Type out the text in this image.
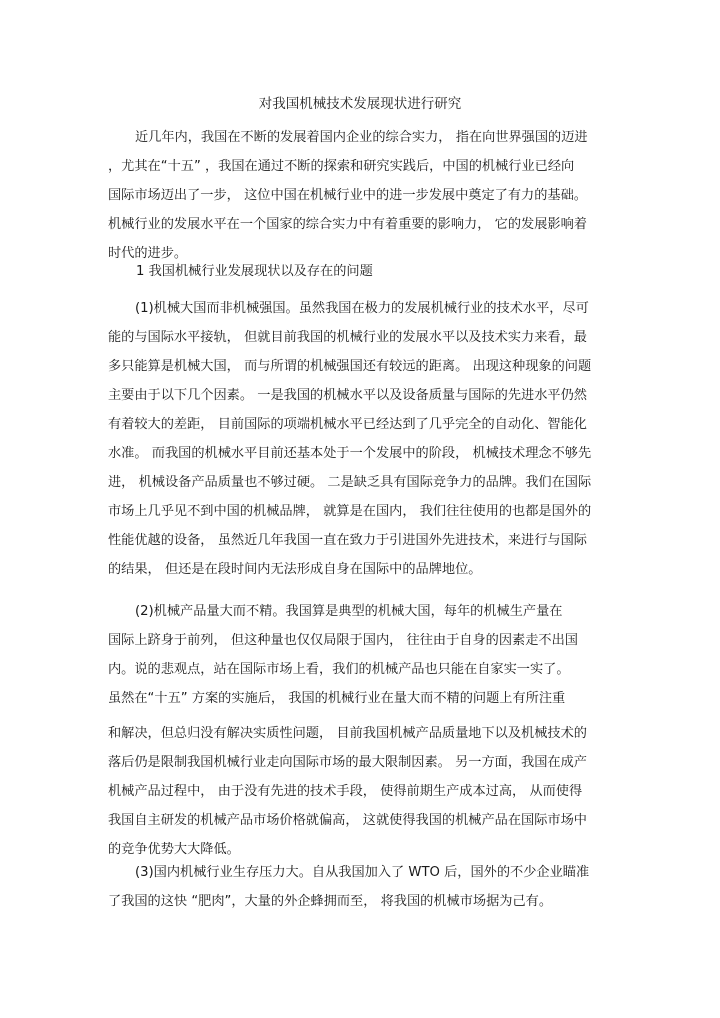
对我国机械技术发展现状进行研究
近几年内，我国在不断的发展着国内企业的综合实力， 指在向世界强国的迈进
，尤其在“十五” ，我国在通过不断的探索和研究实践后，中国的机械行业已经向
国际市场迈出了一步， 这位中国在机械行业中的进一步发展中奠定了有力的基础。
机械行业的发展水平在一个国家的综合实力中有着重要的影响力， 它的发展影响着
时代的进步。
1 我国机械行业发展现状以及存在的问题
(1)机械大国而非机械强国。虽然我国在极力的发展机械行业的技术水平，尽可
能的与国际水平接轨， 但就目前我国的机械行业的发展水平以及技术实力来看，最
多只能算是机械大国， 而与所谓的机械强国还有较远的距离。 出现这种现象的问题
主要由于以下几个因素。 一是我国的机械水平以及设备质量与国际的先进水平仍然
有着较大的差距， 目前国际的项端机械水平已经达到了几乎完全的自动化、智能化
水准。 而我国的机械水平目前还基本处于一个发展中的阶段， 机械技术理念不够先
进， 机械设备产品质量也不够过硬。 二是缺乏具有国际竞争力的品牌。我们在国际
市场上几乎见不到中国的机械品牌， 就算是在国内， 我们往往使用的也都是国外的
性能优越的设备， 虽然近几年我国一直在致力于引进国外先进技术，来进行与国际
的结果， 但还是在段时间内无法形成自身在国际中的品牌地位。
(2)机械产品量大而不精。我国算是典型的机械大国，每年的机械生产量在
国际上跻身于前列， 但这种量也仅仅局限于国内， 往往由于自身的因素走不出国
内。说的悲观点，站在国际市场上看，我们的机械产品也只能在自家实一实了。
虽然在“十五” 方案的实施后， 我国的机械行业在量大而不精的问题上有所注重
和解决，但总归没有解决实质性问题， 目前我国机械产品质量地下以及机械技术的
落后仍是限制我国机械行业走向国际市场的最大限制因素。 另一方面，我国在成产
机械产品过程中， 由于没有先进的技术手段， 使得前期生产成本过高， 从而使得
我国自主研发的机械产品市场价格就偏高， 这就使得我国的机械产品在国际市场中
的竞争优势大大降低。
(3)国内机械行业生存压力大。自从我国加入了 WTO 后，国外的不少企业瞄准
了我国的这快 “肥肉”，大量的外企蜂拥而至， 将我国的机械市场据为己有。
